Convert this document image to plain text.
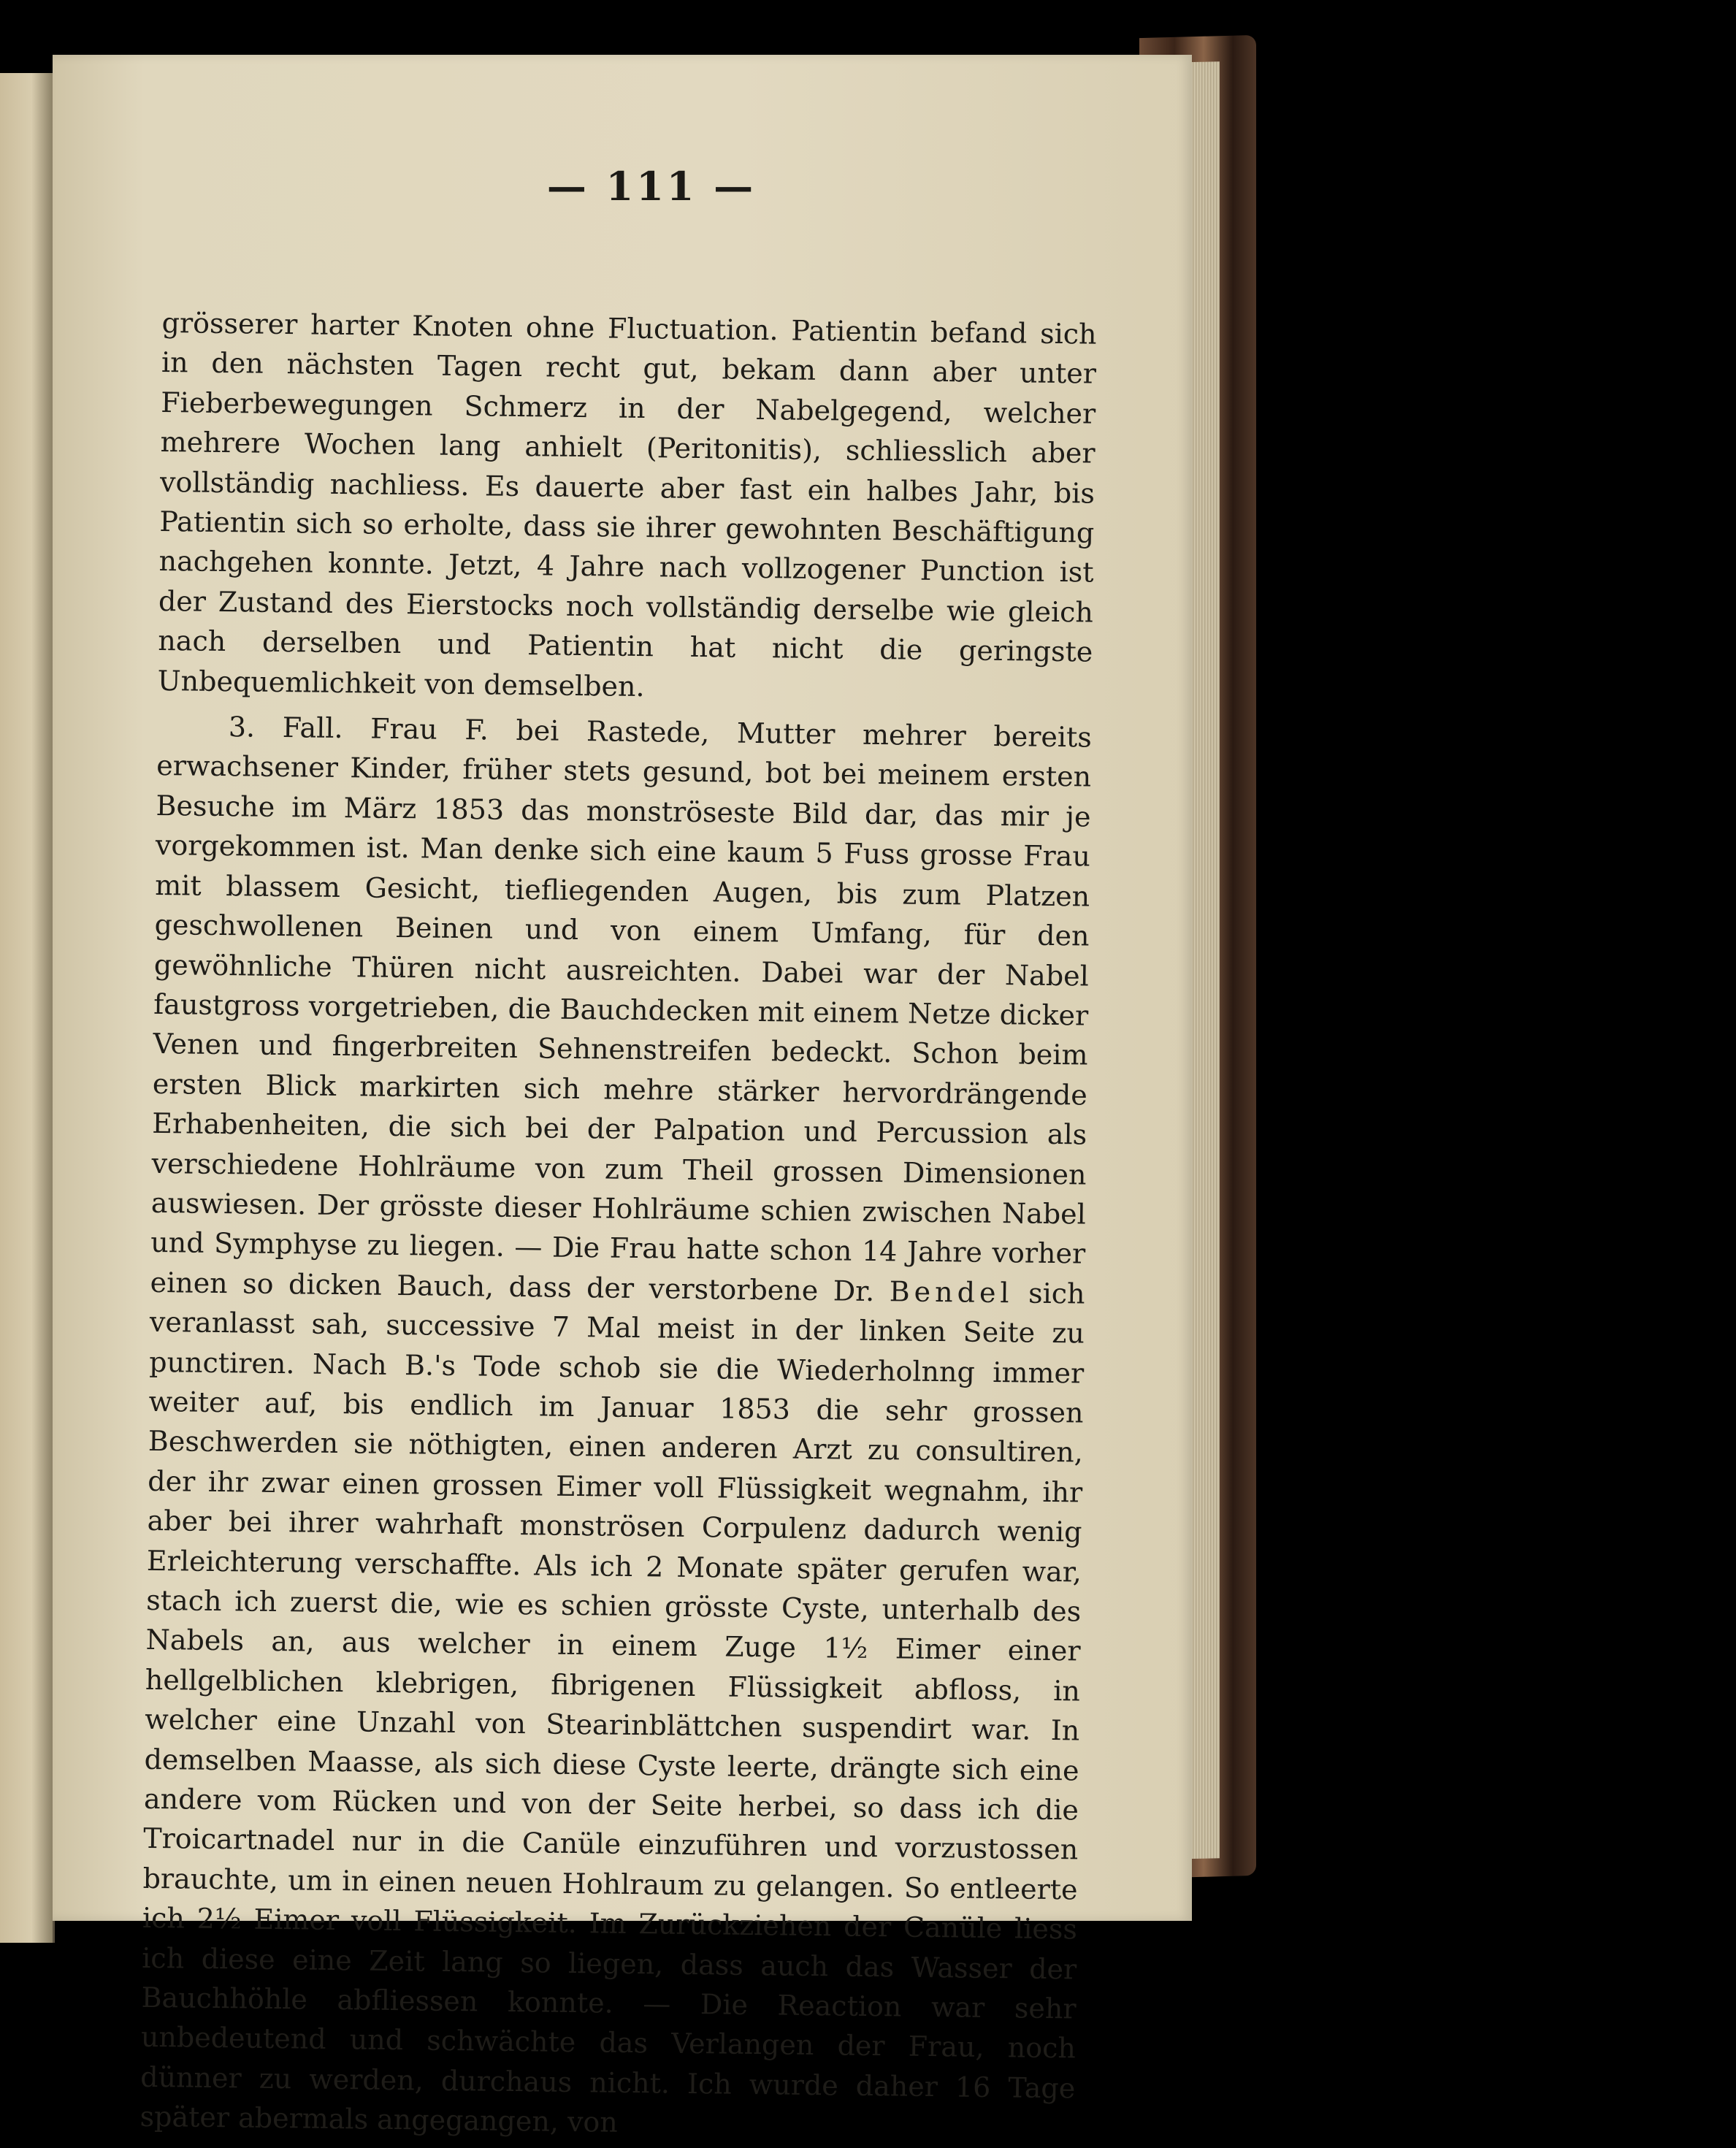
— 111 —

grösserer harter Knoten ohne Fluctuation. Patientin befand sich in den nächsten Tagen recht gut, bekam dann aber unter Fieberbewegungen Schmerz in der Nabelgegend, welcher mehrere Wochen lang anhielt (Peritonitis), schliesslich aber vollständig nachliess. Es dauerte aber fast ein halbes Jahr, bis Patientin sich so erholte, dass sie ihrer gewohnten Beschäftigung nachgehen konnte. Jetzt, 4 Jahre nach vollzogener Punction ist der Zustand des Eierstocks noch vollständig derselbe wie gleich nach derselben und Patientin hat nicht die geringste Unbequemlichkeit von demselben.

3. Fall. Frau F. bei Rastede, Mutter mehrer bereits erwachsener Kinder, früher stets gesund, bot bei meinem ersten Besuche im März 1853 das monströseste Bild dar, das mir je vorgekommen ist. Man denke sich eine kaum 5 Fuss grosse Frau mit blassem Gesicht, tiefliegenden Augen, bis zum Platzen geschwollenen Beinen und von einem Umfang, für den gewöhnliche Thüren nicht ausreichten. Dabei war der Nabel faustgross vorgetrieben, die Bauchdecken mit einem Netze dicker Venen und fingerbreiten Sehnenstreifen bedeckt. Schon beim ersten Blick markirten sich mehre stärker hervordrängende Erhabenheiten, die sich bei der Palpation und Percussion als verschiedene Hohlräume von zum Theil grossen Dimensionen auswiesen. Der grösste dieser Hohlräume schien zwischen Nabel und Symphyse zu liegen. — Die Frau hatte schon 14 Jahre vorher einen so dicken Bauch, dass der verstorbene Dr. Bendel sich veranlasst sah, successive 7 Mal meist in der linken Seite zu punctiren. Nach B.'s Tode schob sie die Wiederholnng immer weiter auf, bis endlich im Januar 1853 die sehr grossen Beschwerden sie nöthigten, einen anderen Arzt zu consultiren, der ihr zwar einen grossen Eimer voll Flüssigkeit wegnahm, ihr aber bei ihrer wahrhaft monströsen Corpulenz dadurch wenig Erleichterung verschaffte. Als ich 2 Monate später gerufen war, stach ich zuerst die, wie es schien grösste Cyste, unterhalb des Nabels an, aus welcher in einem Zuge 1½ Eimer einer hellgelblichen klebrigen, fibrigenen Flüssigkeit abfloss, in welcher eine Unzahl von Stearinblättchen suspendirt war. In demselben Maasse, als sich diese Cyste leerte, drängte sich eine andere vom Rücken und von der Seite herbei, so dass ich die Troicartnadel nur in die Canüle einzuführen und vorzustossen brauchte, um in einen neuen Hohlraum zu gelangen. So entleerte ich 2½ Eimer voll Flüssigkeit. Im Zurückziehen der Canüle liess ich diese eine Zeit lang so liegen, dass auch das Wasser der Bauchhöhle abfliessen konnte. — Die Reaction war sehr unbedeutend und schwächte das Verlangen der Frau, noch dünner zu werden, durchaus nicht. Ich wurde daher 16 Tage später abermals angegangen, von
